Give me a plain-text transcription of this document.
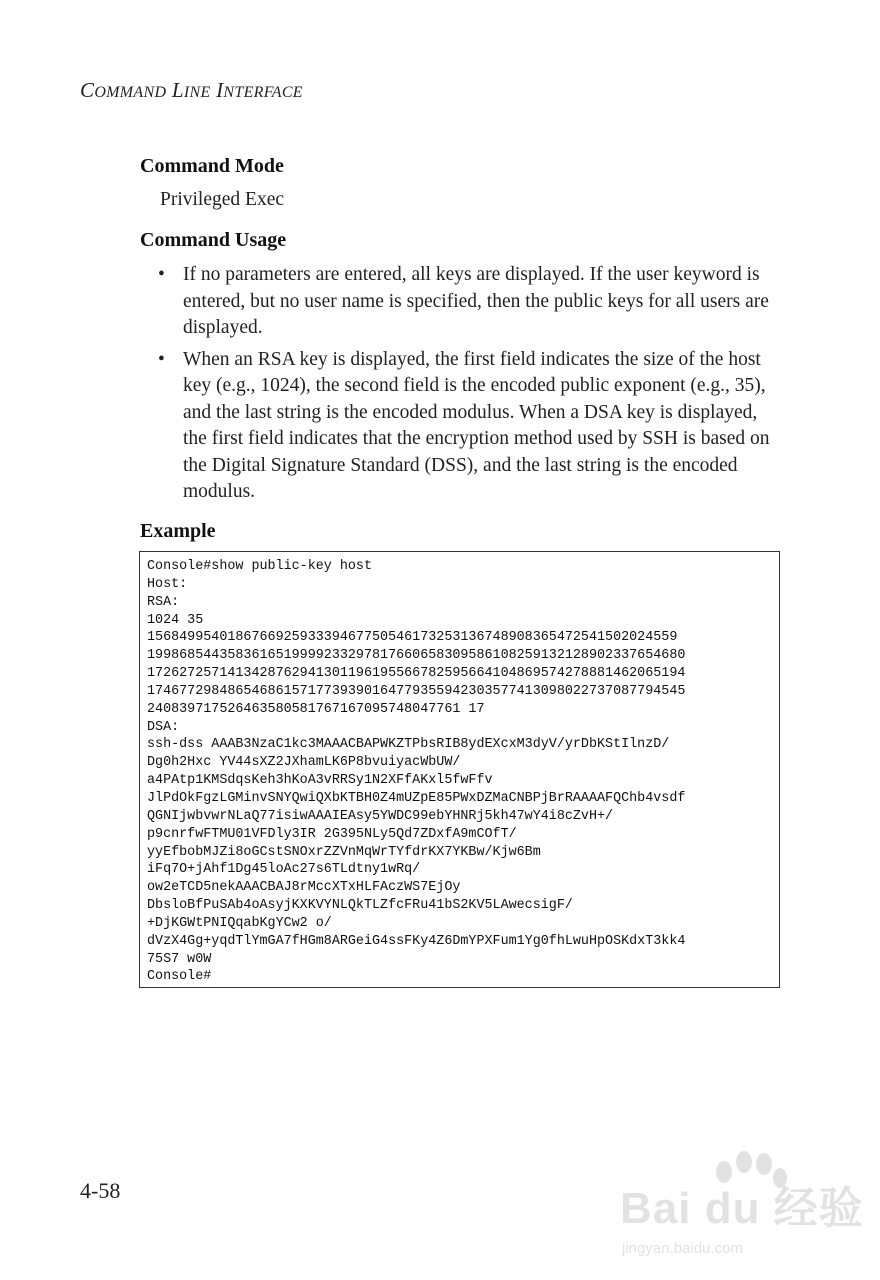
COMMAND LINE INTERFACE
Command Mode
Privileged Exec
Command Usage
• If no parameters are entered, all keys are displayed. If the user keyword is entered, but no user name is specified, then the public keys for all users are displayed.
• When an RSA key is displayed, the first field indicates the size of the host key (e.g., 1024), the second field is the encoded public exponent (e.g., 35), and the last string is the encoded modulus. When a DSA key is displayed, the first field indicates that the encryption method used by SSH is based on the Digital Signature Standard (DSS), and the last string is the encoded modulus.
Example
Console#show public-key host
Host:
RSA:
1024 35
156849954018676692593339467750546173253136748908365472541502024559
1998685443583616519999233297817660658309586108259132128902337654680
1726272571413428762941301196195566782595664104869574278881462065194
1746772984865468615717739390164779355942303577413098022737087794545
240839717526463580581767167095748047761 17
DSA:
ssh-dss AAAB3NzaC1kc3MAAACBAPWKZTPbsRIB8ydEXcxM3dyV/yrDbKStIlnzD/
Dg0h2Hxc YV44sXZ2JXhamLK6P8bvuiyacWbUW/
a4PAtp1KMSdqsKeh3hKoA3vRRSy1N2XFfAKxl5fwFfv
JlPdOkFgzLGMinvSNYQwiQXbKTBH0Z4mUZpE85PWxDZMaCNBPjBrRAAAAFQChb4vsdf
QGNIjwbvwrNLaQ77isiwAAAIEAsy5YWDC99ebYHNRj5kh47wY4i8cZvH+/
p9cnrfwFTMU01VFDly3IR 2G395NLy5Qd7ZDxfA9mCOfT/
yyEfbobMJZi8oGCstSNOxrZZVnMqWrTYfdrKX7YKBw/Kjw6Bm
iFq7O+jAhf1Dg45loAc27s6TLdtny1wRq/
ow2eTCD5nekAAACBAJ8rMccXTxHLFAczWS7EjOy
DbsloBfPuSAb4oAsyjKXKVYNLQkTLZfcFRu41bS2KV5LAwecsigF/
+DjKGWtPNIQqabKgYCw2 o/
dVzX4Gg+yqdTlYmGA7fHGm8ARGeiG4ssFKy4Z6DmYPXFum1Yg0fhLwuHpOSKdxT3kk4
75S7 w0W
Console#
4-58	Bai du 经验
jingyan.baidu.com
